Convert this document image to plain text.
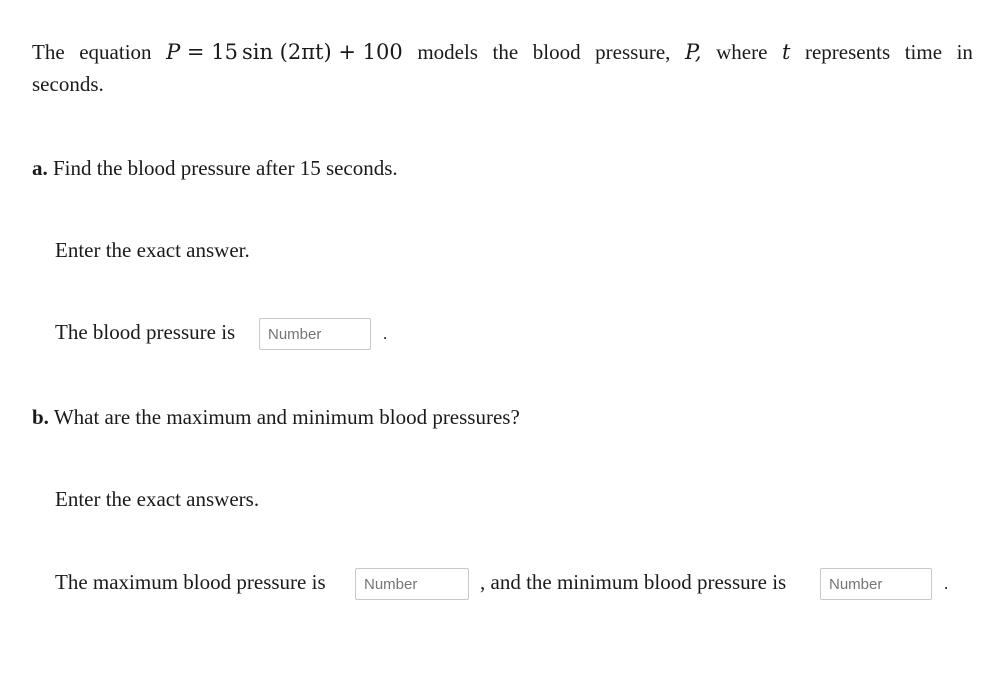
The equation P = 15 sin (2πt) + 100 models the blood pressure, P, where t represents time in
seconds.
a. Find the blood pressure after 15 seconds.
Enter the exact answer.
The blood pressure is
Number	.
b. What are the maximum and minimum blood pressures?
Enter the exact answers.
The maximum blood pressure is
Number	, and the minimum blood pressure is
Number	.
